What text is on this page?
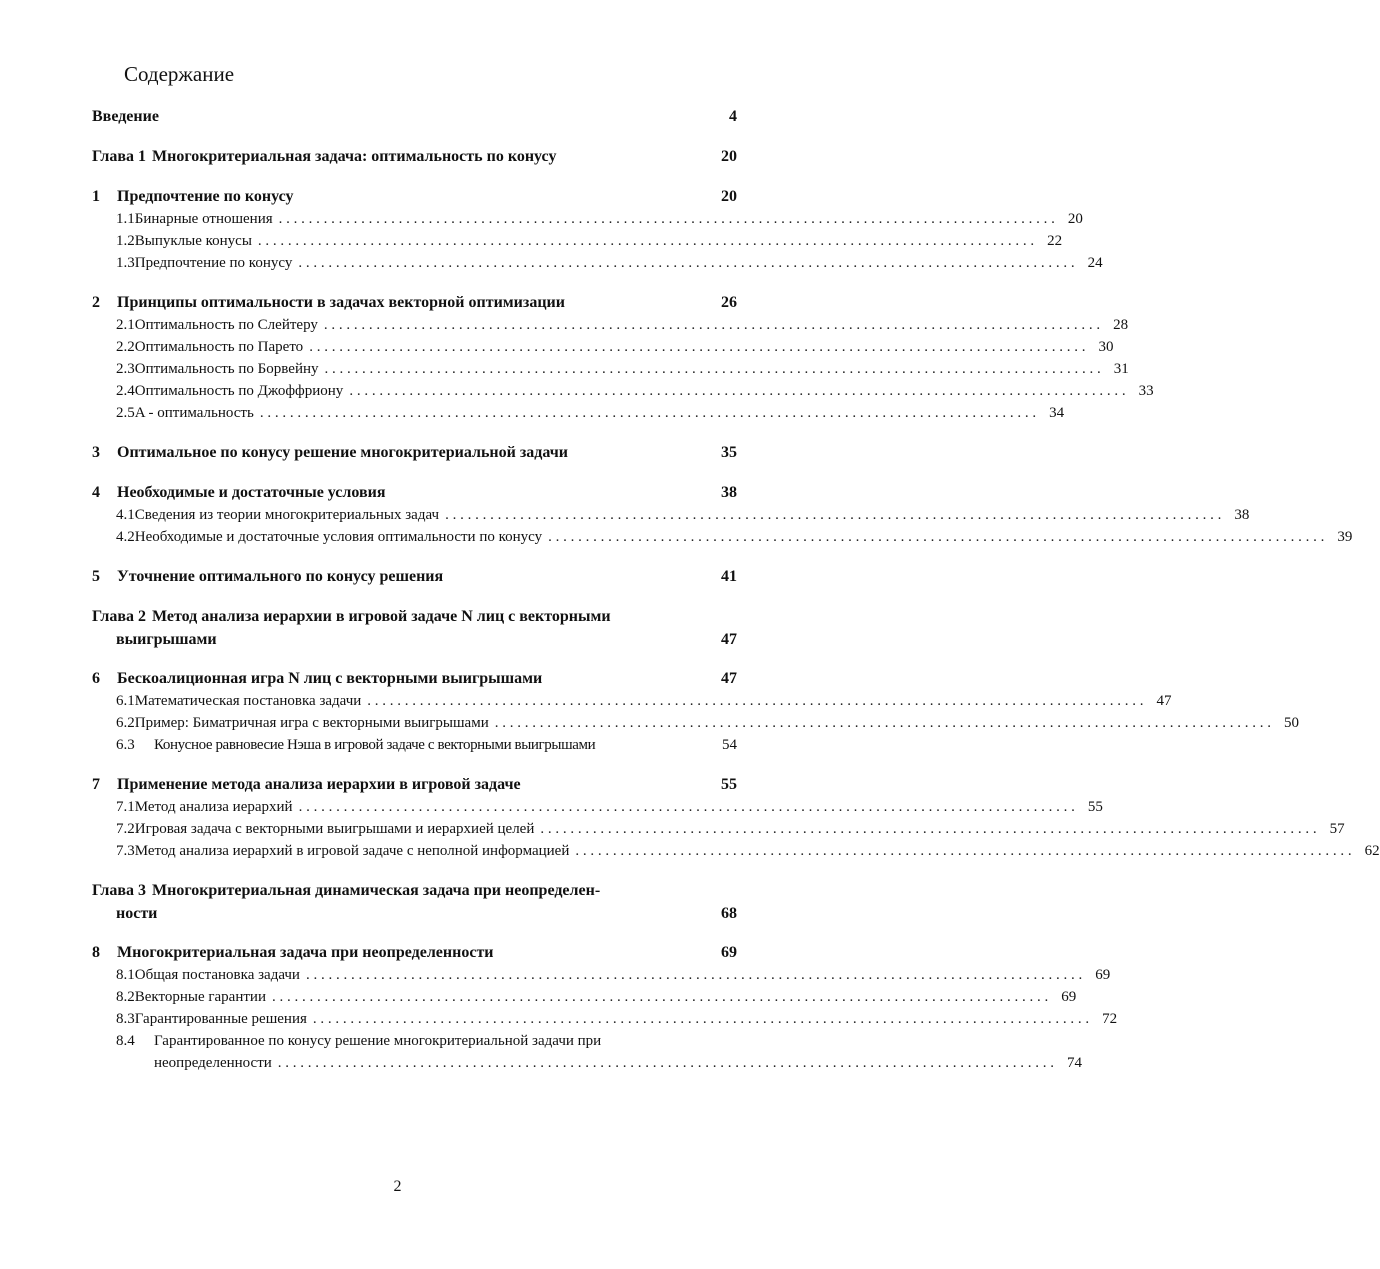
Содержание
Введение	4
Глава 1 Многокритериальная задача: оптимальность по конусу	20
1	Предпочтение по конусу	20
1.1 Бинарные отношения . . .	20
1.2 Выпуклые конусы . . .	22
1.3 Предпочтение по конусу . . .	24
2	Принципы оптимальности в задачах векторной оптимизации	26
2.1 Оптимальность по Слейтеру . . .	28
2.2 Оптимальность по Парето . . .	30
2.3 Оптимальность по Борвейну . . .	31
2.4 Оптимальность по Джоффриону . . .	33
2.5 A - оптимальность . . .	34
3	Оптимальное по конусу решение многокритериальной задачи	35
4	Необходимые и достаточные условия	38
4.1 Сведения из теории многокритериальных задач . . .	38
4.2 Необходимые и достаточные условия оптимальности по конусу . . .	39
5	Уточнение оптимального по конусу решения	41
Глава 2 Метод анализа иерархии в игровой задаче N лиц с векторными
выигрышами	47
6	Бескоалиционная игра N лиц с векторными выигрышами	47
6.1 Математическая постановка задачи . . .	47
6.2 Пример: Биматричная игра с векторными выигрышами . . .	50
6.3	Конусное равновесие Нэша в игровой задаче с векторными выигрышами	54
7	Применение метода анализа иерархии в игровой задаче	55
7.1 Метод анализа иерархий . . .	55
7.2 Игровая задача с векторными выигрышами и иерархией целей . . .	57
7.3 Метод анализа иерархий в игровой задаче с неполной информацией . . .	62
Глава 3 Многокритериальная динамическая задача при неопределен-
ности	68
8	Многокритериальная задача при неопределенности	69
8.1 Общая постановка задачи . . .	69
8.2 Векторные гарантии . . .	69
8.3 Гарантированные решения . . .	72
8.4	Гарантированное по конусу решение многокритериальной задачи при
неопределенности . . .	74
2
